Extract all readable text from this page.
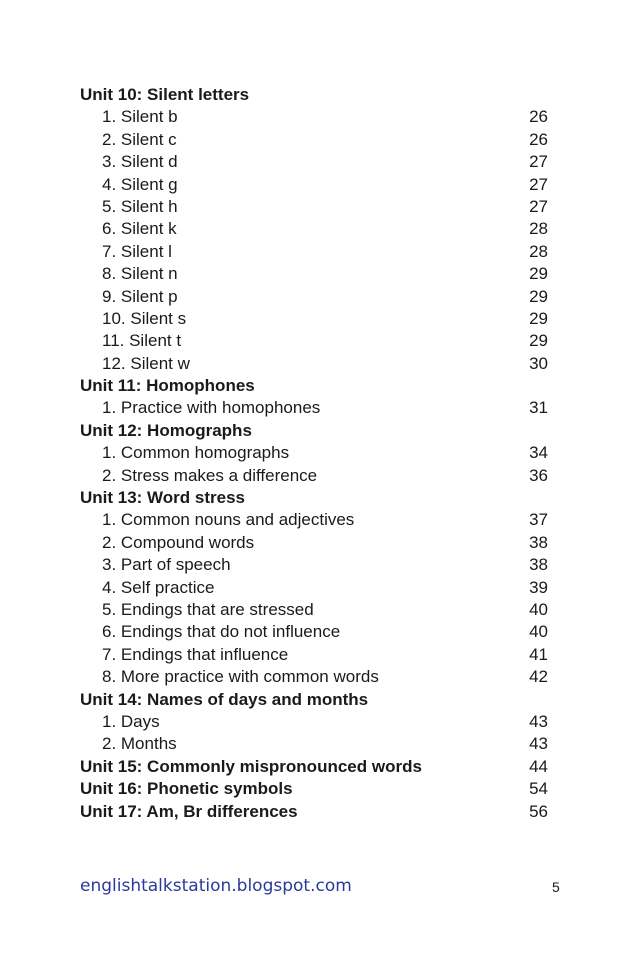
Unit 10: Silent letters
1. Silent b	26
2. Silent c	26
3. Silent d	27
4. Silent g	27
5. Silent h	27
6. Silent k	28
7. Silent l	28
8. Silent n	29
9. Silent p	29
10. Silent s	29
11. Silent t	29
12. Silent w	30
Unit 11: Homophones
1. Practice with homophones	31
Unit 12: Homographs
1. Common homographs	34
2. Stress makes a difference	36
Unit 13: Word stress
1. Common nouns and adjectives	37
2. Compound words	38
3. Part of speech	38
4. Self practice	39
5. Endings that are stressed	40
6. Endings that do not influence	40
7. Endings that influence	41
8. More practice with common words	42
Unit 14: Names of days and months
1. Days	43
2. Months	43
Unit 15: Commonly mispronounced words	44
Unit 16: Phonetic symbols	54
Unit 17: Am, Br differences	56
englishtalkstation.blogspot.com	5
